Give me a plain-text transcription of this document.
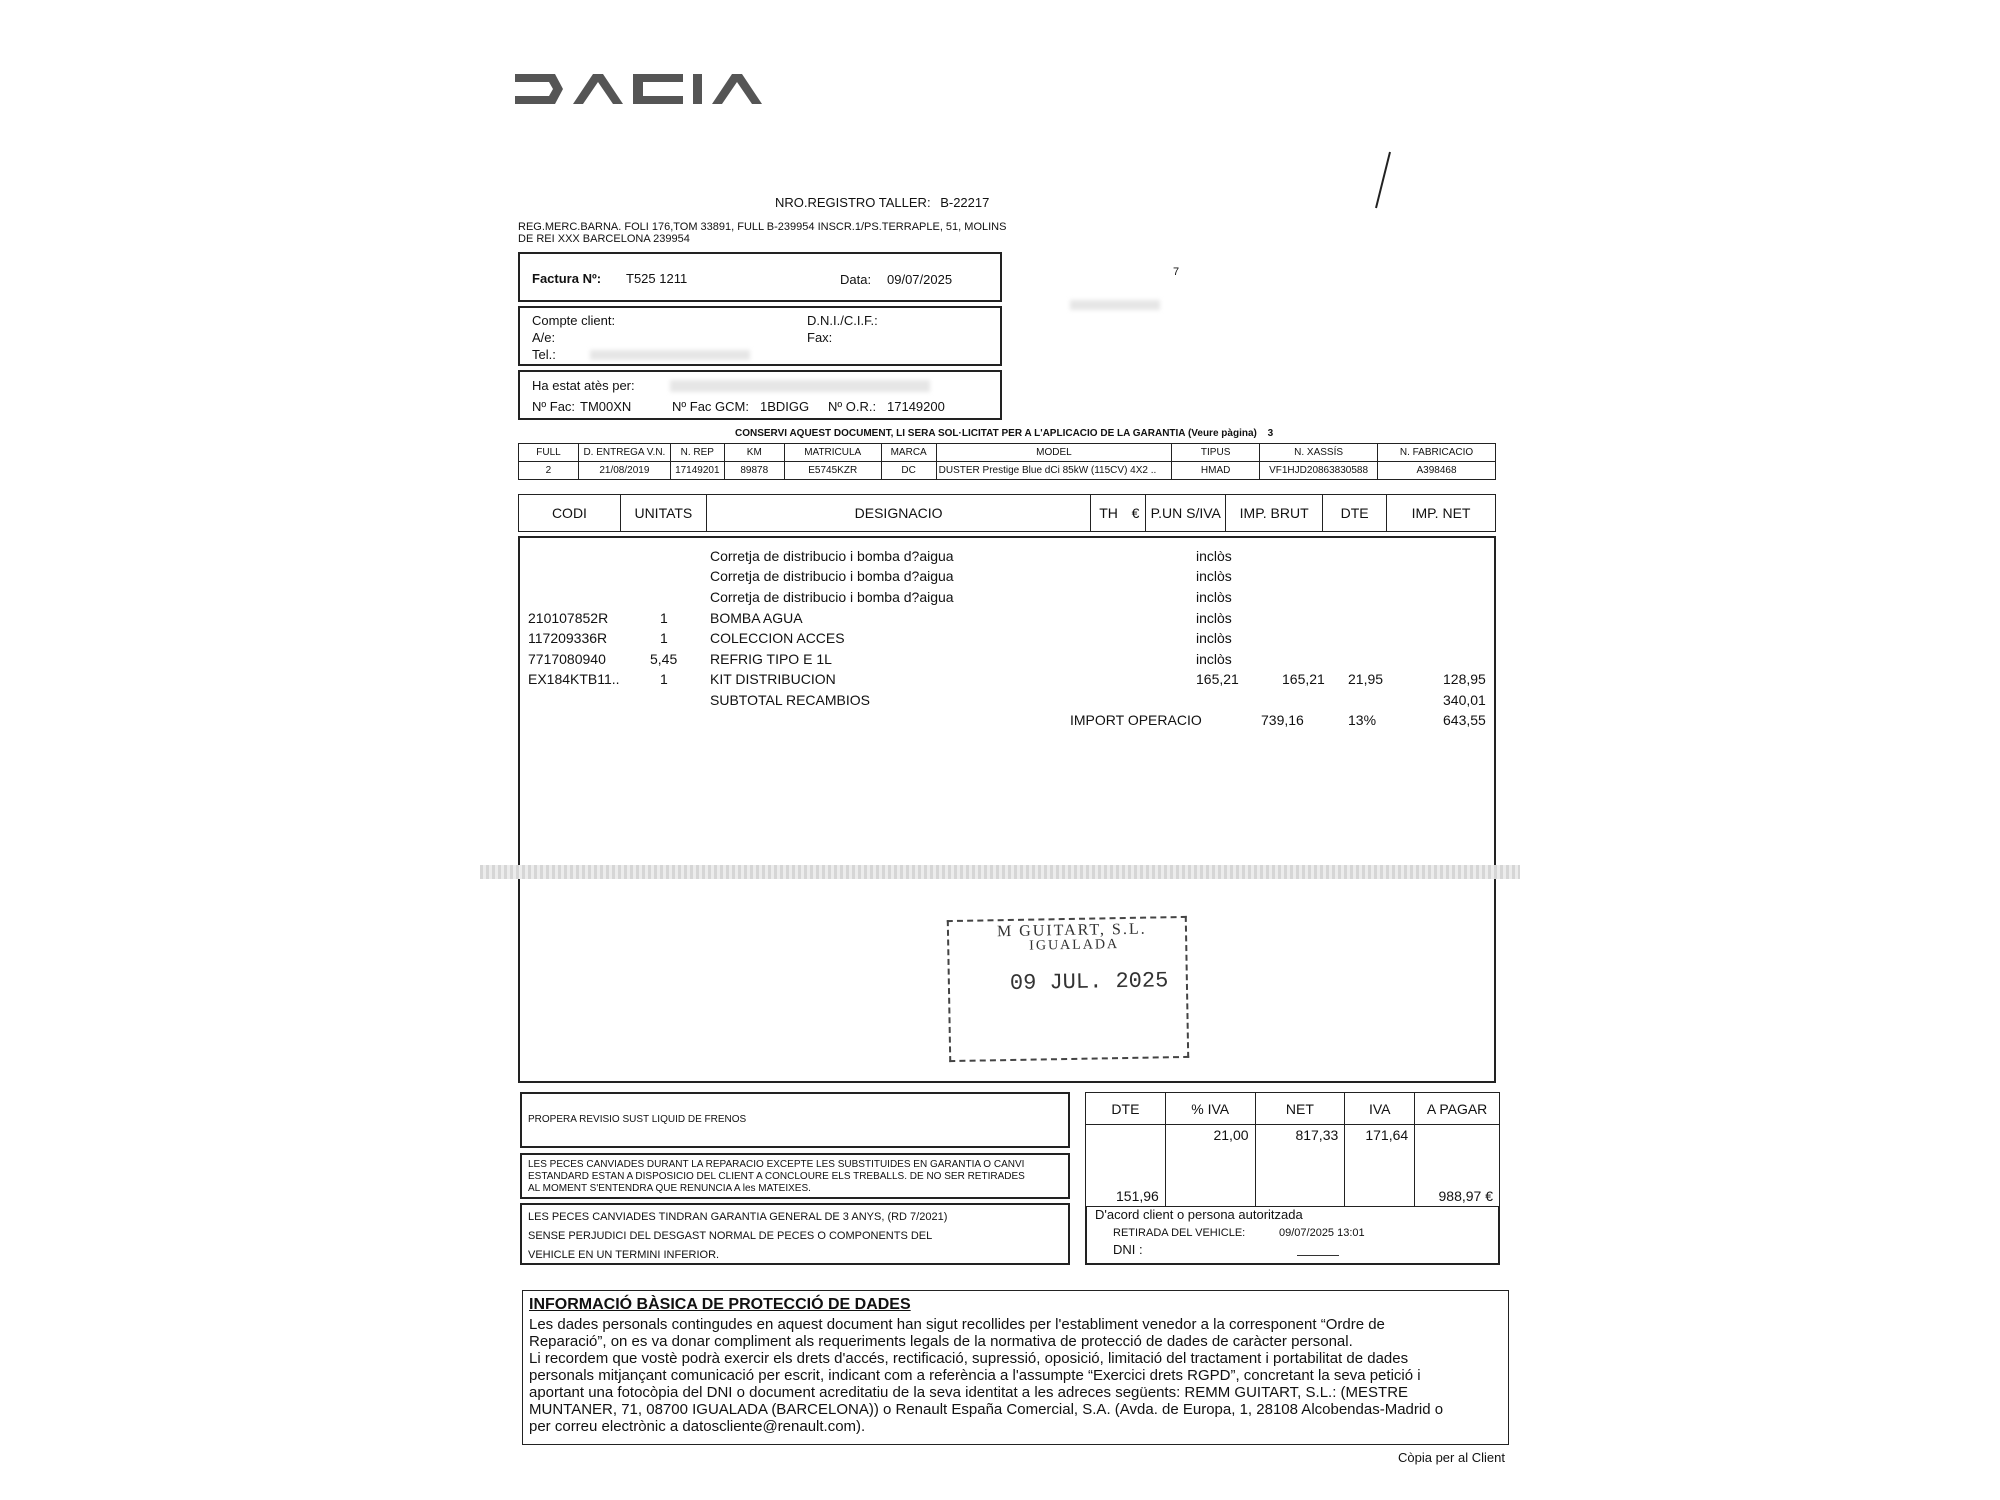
NRO.REGISTRO TALLER: B-22217
REG.MERC.BARNA. FOLI 176,TOM 33891, FULL B-239954 INSCR.1/PS.TERRAPLE, 51, MOLINS
DE REI XXX BARCELONA 239954
Factura Nº: T525 1211	Data: 09/07/2025
Compte client:
A/e:
Tel.:
D.N.I./C.I.F.:
Fax:
7
Ha estat atès per:
Nº Fac: TM00XN	Nº Fac GCM: 1BDIGG Nº O.R.: 17149200
CONSERVI AQUEST DOCUMENT, LI SERA SOL·LICITAT PER A L'APLICACIO DE LA GARANTIA (Veure pàgina) 3
FULL	D. ENTREGA V.N.	N. REP	KM	MATRICULA	MARCA	MODEL	TIPUS	N. XASSÍS	N. FABRICACIO
2	21/08/2019	17149201	89878	E5745KZR	DC	DUSTER Prestige Blue dCi 85kW (115CV) 4X2 ..	HMAD	VF1HJD20863830588	A398468
CODI	UNITATS	DESIGNACIO	TH	€	P.UN S/IVA	IMP. BRUT	DTE	IMP. NET
Corretja de distribucio i bomba d?aigua	inclòs
Corretja de distribucio i bomba d?aigua	inclòs
Corretja de distribucio i bomba d?aigua	inclòs
210107852R	1	BOMBA AGUA	inclòs
117209336R	1	COLECCION ACCES	inclòs
7717080940	5,45 REFRIG TIPO E 1L	inclòs
EX184KTB11..	1	KIT DISTRIBUCION	165,21	165,21 21,95	128,95
SUBTOTAL RECAMBIOS	340,01
IMPORT OPERACIO	739,16	13%	643,55
M GUITART, S.L.
IGUALADA
09 JUL. 2025
PROPERA REVISIO SUST LIQUID DE FRENOS
LES PECES CANVIADES DURANT LA REPARACIO EXCEPTE LES SUBSTITUIDES EN GARANTIA O CANVI
ESTANDARD ESTAN A DISPOSICIO DEL CLIENT A CONCLOURE ELS TREBALLS. DE NO SER RETIRADES
AL MOMENT S'ENTENDRA QUE RENUNCIA A les MATEIXES.
LES PECES CANVIADES TINDRAN GARANTIA GENERAL DE 3 ANYS, (RD 7/2021)
SENSE PERJUDICI DEL DESGAST NORMAL DE PECES O COMPONENTS DEL
VEHICLE EN UN TERMINI INFERIOR.
DTE	% IVA	NET	IVA	A PAGAR
151,96	21,00	817,33	171,64	988,97 €
D'acord client o persona autoritzada
RETIRADA DEL VEHICLE:	09/07/2025 13:01
DNI :
INFORMACIÓ BÀSICA DE PROTECCIÓ DE DADES
Les dades personals contingudes en aquest document han sigut recollides per l'establiment venedor a la corresponent “Ordre de
Reparació”, on es va donar compliment als requeriments legals de la normativa de protecció de dades de caràcter personal.
Li recordem que vostè podrà exercir els drets d'accés, rectificació, supressió, oposició, limitació del tractament i portabilitat de dades
personals mitjançant comunicació per escrit, indicant com a referència a l'assumpte “Exercici drets RGPD”, concretant la seva petició i
aportant una fotocòpia del DNI o document acreditatiu de la seva identitat a les adreces següents: REMM GUITART, S.L.: (MESTRE
MUNTANER, 71, 08700 IGUALADA (BARCELONA)) o Renault España Comercial, S.A. (Avda. de Europa, 1, 28108 Alcobendas-Madrid o
per correu electrònic a datoscliente@renault.com).
Còpia per al Client
